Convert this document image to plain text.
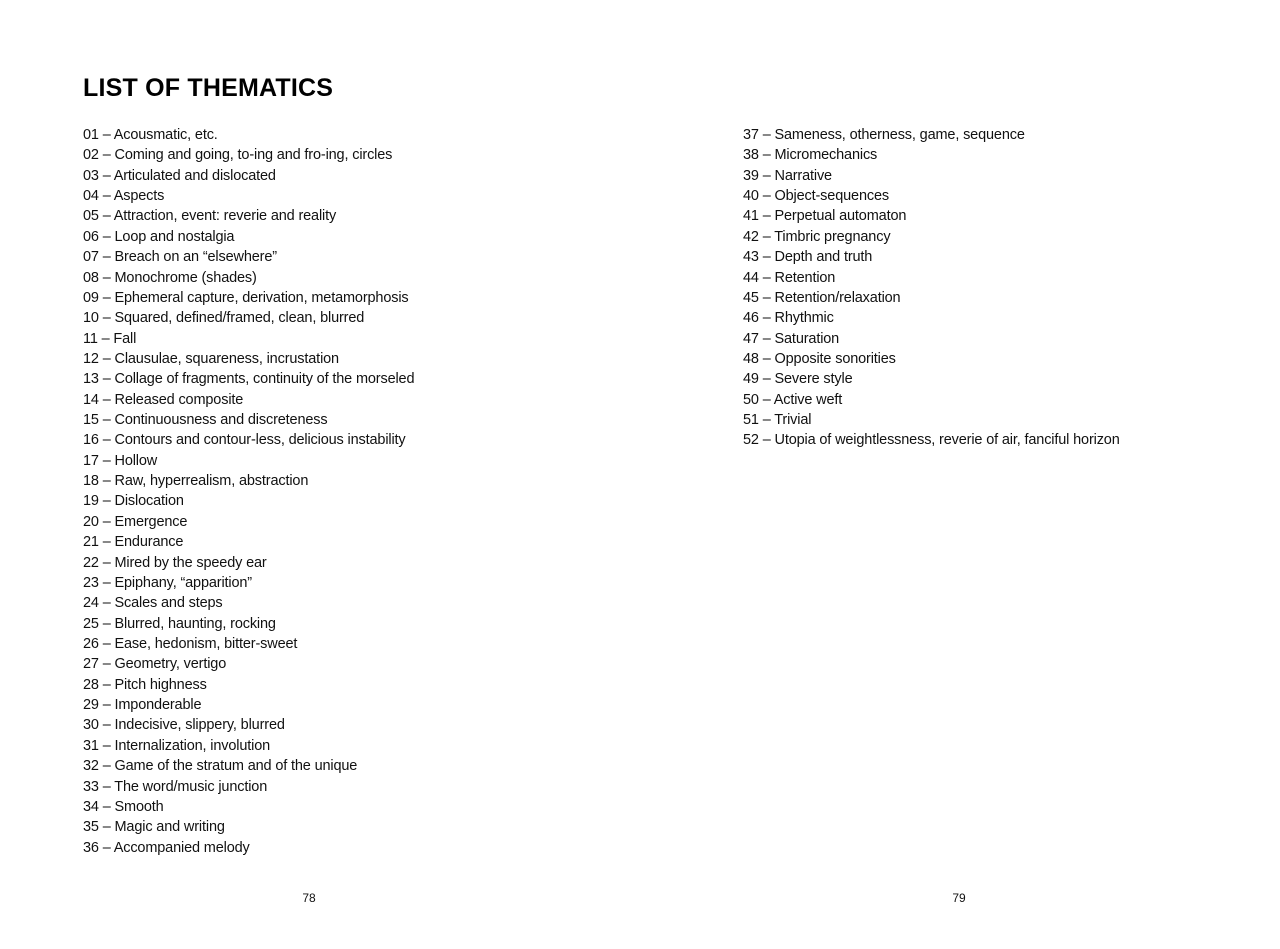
LIST OF THEMATICS
01 – Acousmatic, etc.
02 – Coming and going, to-ing and fro-ing, circles
03 – Articulated and dislocated
04 – Aspects
05 – Attraction, event: reverie and reality
06 – Loop and nostalgia
07 – Breach on an “elsewhere”
08 – Monochrome (shades)
09 – Ephemeral capture, derivation, metamorphosis
10 – Squared, defined/framed, clean, blurred
11 – Fall
12 – Clausulae, squareness, incrustation
13 – Collage of fragments, continuity of the morseled
14 – Released composite
15 – Continuousness and discreteness
16 – Contours and contour-less, delicious instability
17 – Hollow
18 – Raw, hyperrealism, abstraction
19 – Dislocation
20 – Emergence
21 – Endurance
22 – Mired by the speedy ear
23 – Epiphany, “apparition”
24 – Scales and steps
25 – Blurred, haunting, rocking
26 – Ease, hedonism, bitter-sweet
27 – Geometry, vertigo
28 – Pitch highness
29 – Imponderable
30 – Indecisive, slippery, blurred
31 – Internalization, involution
32 – Game of the stratum and of the unique
33 – The word/music junction
34 – Smooth
35 – Magic and writing
36 – Accompanied melody
37 – Sameness, otherness, game, sequence
38 – Micromechanics
39 – Narrative
40 – Object-sequences
41 – Perpetual automaton
42 – Timbric pregnancy
43 – Depth and truth
44 – Retention
45 – Retention/relaxation
46 – Rhythmic
47 – Saturation
48 – Opposite sonorities
49 – Severe style
50 – Active weft
51 – Trivial
52 – Utopia of weightlessness, reverie of air, fanciful horizon
78	79
